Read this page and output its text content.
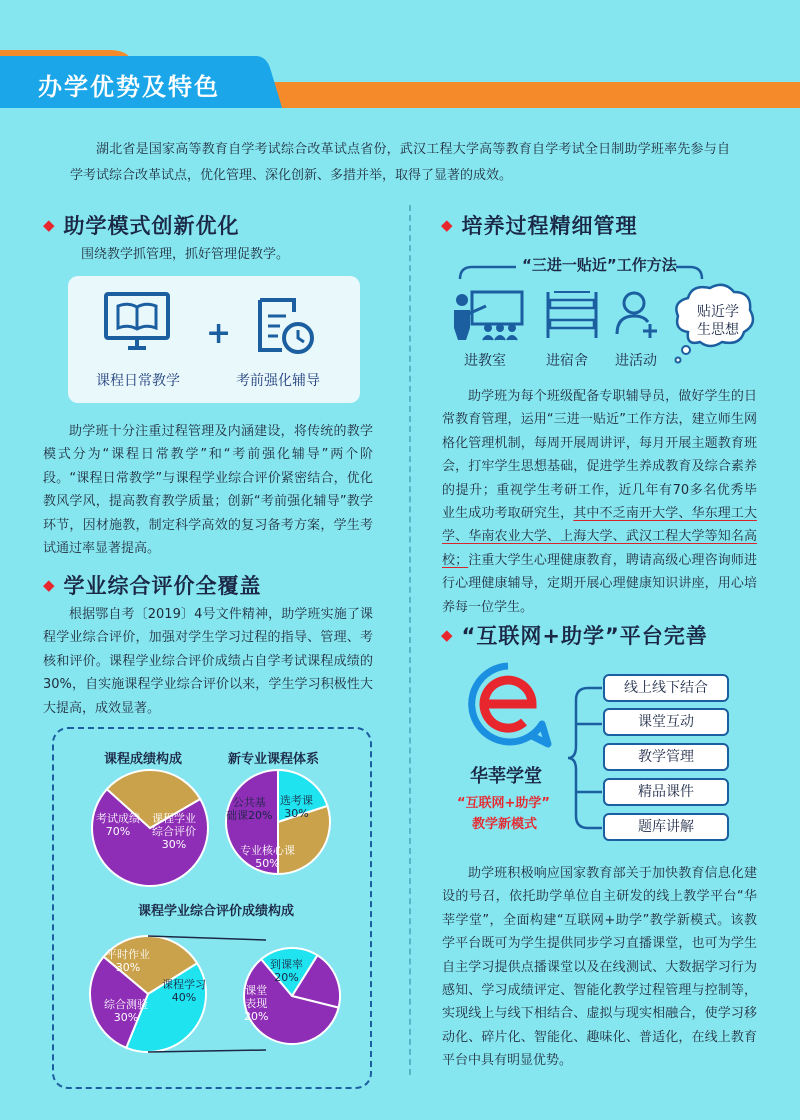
办学优势及特色
湖北省是国家高等教育自学考试综合改革试点省份，武汉工程大学高等教育自学考试全日制助学班率先参与自学考试综合改革试点，优化管理、深化创新、多措并举，取得了显著的成效。
◆ 助学模式创新优化
围绕教学抓管理，抓好管理促教学。
+
课程日常教学	考前强化辅导
助学班十分注重过程管理及内涵建设，将传统的教学模式分为“课程日常教学”和“考前强化辅导”两个阶段。“课程日常教学”与课程学业综合评价紧密结合，优化教风学风，提高教育教学质量；创新“考前强化辅导”教学环节，因材施教，制定科学高效的复习备考方案，学生考试通过率显著提高。
◆ 学业综合评价全覆盖
根据鄂自考〔2019〕4号文件精神，助学班实施了课程学业综合评价，加强对学生学习过程的指导、管理、考核和评价。课程学业综合评价成绩占自学考试课程成绩的30%，自实施课程学业综合评价以来，学生学习积极性大大提高，成效显著。
课程成绩构成	新专业课程体系
课程学业综合评价成绩构成
考试成绩
70%
课程学业
综合评价
30%
公共基
础课20%
选考课
30%
专业核心课
50%
平时作业
30%
课程学习
40%
综合测验
30%
到课率
20%
课堂
表现
20%
◆ 培养过程精细管理
“三进一贴近”工作方法
贴近学
生思想
进教室	进宿舍 进活动
助学班为每个班级配备专职辅导员，做好学生的日常教育管理，运用“三进一贴近”工作方法，建立师生网格化管理机制，每周开展周讲评，每月开展主题教育班会，打牢学生思想基础，促进学生养成教育及综合素养的提升；重视学生考研工作，近几年有70多名优秀毕业生成功考取研究生，其中不乏南开大学、华东理工大学、华南农业大学、上海大学、武汉工程大学等知名高校；注重大学生心理健康教育，聘请高级心理咨询师进行心理健康辅导，定期开展心理健康知识讲座，用心培养每一位学生。
◆ “互联网+助学”平台完善
华莘学堂
“互联网+助学”
教学新模式
线上线下结合
课堂互动
教学管理
精品课件
题库讲解
助学班积极响应国家教育部关于加快教育信息化建设的号召，依托助学单位自主研发的线上教学平台“华莘学堂”，全面构建“互联网+助学”教学新模式。该教学平台既可为学生提供同步学习直播课堂，也可为学生自主学习提供点播课堂以及在线测试、大数据学习行为感知、学习成绩评定、智能化教学过程管理与控制等，实现线上与线下相结合、虚拟与现实相融合，使学习移动化、碎片化、智能化、趣味化、普适化，在线上教育平台中具有明显优势。
